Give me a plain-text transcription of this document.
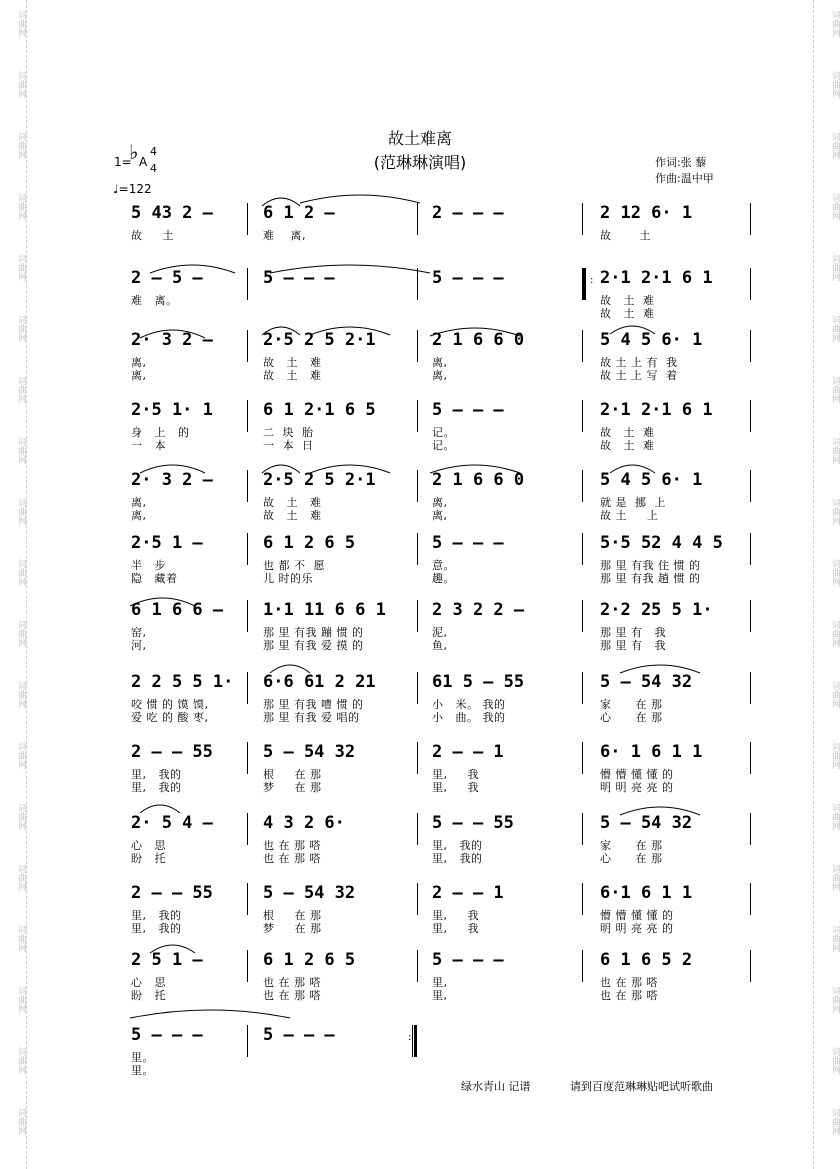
词曲网
词曲网
词曲网
词曲网
词曲网
词曲网
词曲网
词曲网
词曲网
词曲网
词曲网
词曲网
词曲网
词曲网
词曲网
词曲网
词曲网
词曲网
词曲网
词曲网
词曲网
词曲网
词曲网
词曲网
词曲网
词曲网
词曲网
词曲网
词曲网
词曲网
词曲网
词曲网
词曲网
词曲网
词曲网
词曲网
词曲网
词曲网
故土难离
(范琳琳演唱)	作词:张 藜
作曲:温中甲
1=
♭ A
4
4
♩=122
5 43 2 –
故     土
6 1 2 –
难    离,
2 – – –	2 12 6· 1
故       土
:
2 – 5 –
难   离。
5 – – –	5 – – –	2·1 2·1 6 1
故   土  难
故   土  难
2· 3 2 –
离,
离,
2·5 2 5 2·1
故   土   难
故   土   难
2 1 6 6 0
离,
离,
5 4 5 6· 1
故 土 上 有  我
故 土 上 写  着
2·5 1· 1
身   上   的
一   本
6 1 2·1 6 5
二  块  胎
一  本  日
5 – – –
记。
记。
2·1 2·1 6 1
故   土  难
故   土  难
2· 3 2 –
离,
离,
2·5 2 5 2·1
故   土   难
故   土   难
2 1 6 6 0
离,
离,
5 4 5 6· 1
就 是  挪  上
故 土     上
2·5 1 –
半   步
隐   藏着
6 1 2 6 5
也 都 不  愿
儿 时的乐
5 – – –
意。
趣。
5·5 52 4 4 5
那 里 有我 住 惯 的
那 里 有我 趟 惯 的
6 1 6 6 –
窑,
河,
1·1 11 6 6 1
那 里 有我 蹦 惯 的
那 里 有我 爱 摸 的
2 3 2 2 –
泥,
鱼,
2·2 25 5 1·
那 里 有   我
那 里 有   我
2 2 5 5 1·
咬 惯 的 馍 馍,
爱 吃 的 酸 枣,
6·6 61 2 21
那 里 有我 嘈 惯 的
那 里 有我 爱 唱的
61 5 – 55
小   米。 我的
小   曲。 我的
5 – 54 32
家      在 那
心      在 那
2 – – 55
里,   我的
里,   我的
5 – 54 32
根     在 那
梦     在 那
2 – – 1
里,     我
里,     我
6· 1 6 1 1
懵 懵 懂 懂 的
明 明 亮 亮 的
2· 5 4 –
心   思
盼   托
4 3 2 6·
也 在 那 嗒
也 在 那 嗒
5 – – 55
里,   我的
里,   我的
5 – 54 32
家      在 那
心      在 那
2 – – 55
里,   我的
里,   我的
5 – 54 32
根     在 那
梦     在 那
2 – – 1
里,     我
里,     我
6·1 6 1 1
懵 懵 懂 懂 的
明 明 亮 亮 的
2 5 1 –
心   思
盼   托
6 1 2 6 5
也 在 那 嗒
也 在 那 嗒
5 – – –
里,
里,
6 1 6 5 2
也 在 那 嗒
也 在 那 嗒
:
5 – – –
里。
里。
5 – – –
绿水青山 记谱	请到百度范琳琳贴吧试听歌曲
